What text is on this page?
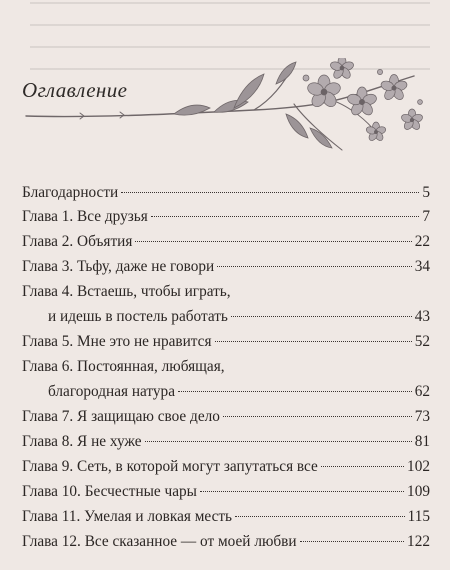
Оглавление
Благодарности	5
Глава 1. Все друзья	7
Глава 2. Объятия	22
Глава 3. Тьфу, даже не говори	34
Глава 4. Встаешь, чтобы играть,
и идешь в постель работать	43
Глава 5. Мне это не нравится	52
Глава 6. Постоянная, любящая,
благородная натура	62
Глава 7. Я защищаю свое дело	73
Глава 8. Я не хуже	81
Глава 9. Сеть, в которой могут запутаться все	102
Глава 10. Бесчестные чары	109
Глава 11. Умелая и ловкая месть	115
Глава 12. Все сказанное — от моей любви	122
